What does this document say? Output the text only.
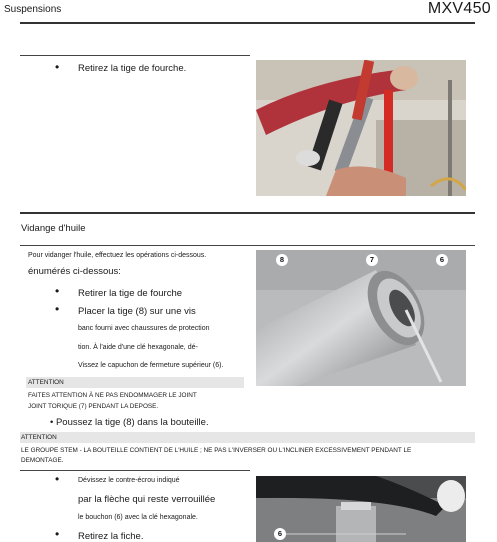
Suspensions	MXV450
• Retirez la tige de fourche.
Vidange d'huile
Pour vidanger l'huile, effectuez les opérations ci-dessous.
énumérés ci-dessous:
• Retirer la tige de fourche
• Placer la tige (8) sur une vis
banc fourni avec chaussures de protection
tion. À l'aide d'une clé hexagonale, dé-
Vissez le capuchon de fermeture supérieur (6).
8	7	6
ATTENTION
FAITES ATTENTION À NE PAS ENDOMMAGER LE JOINT
JOINT TORIQUE (7) PENDANT LA DEPOSE.
• Poussez la tige (8) dans la bouteille.
ATTENTION
LE GROUPE STEM - LA BOUTEILLE CONTIENT DE L'HUILE ; NE PAS L'INVERSER OU L'INCLINER EXCESSIVEMENT PENDANT LE
DEMONTAGE.
•	Dévissez le contre-écrou indiqué
par la flèche qui reste verrouillée
le bouchon (6) avec la clé hexagonale.
• Retirez la fiche.	6
